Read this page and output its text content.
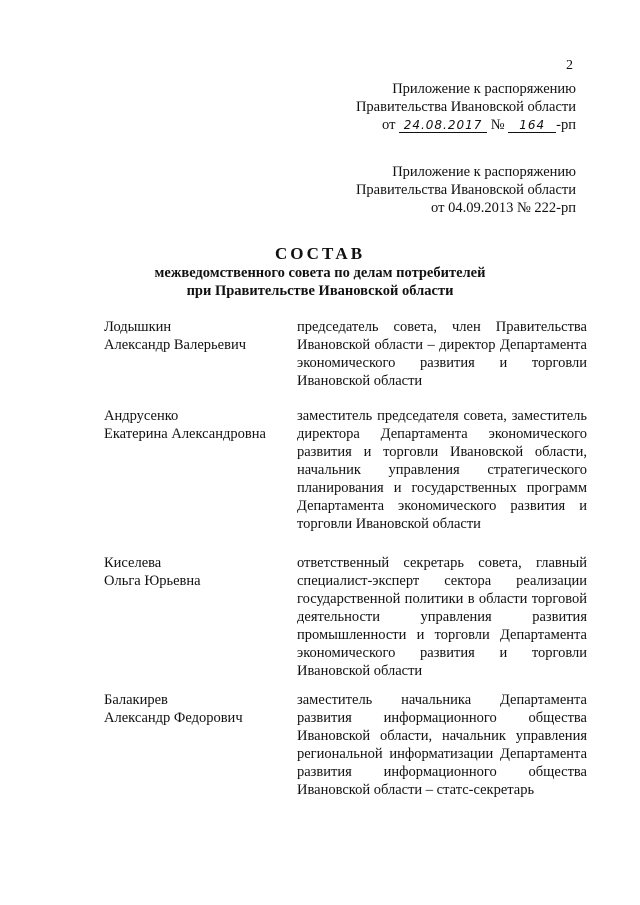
2
Приложение к распоряжению
Правительства Ивановской области
от 24.08.2017 № 164 -рп
Приложение к распоряжению
Правительства Ивановской области
от 04.09.2013 № 222-рп
СОСТАВ
межведомственного совета по делам потребителей
при Правительстве Ивановской области
Лодышкин
Александр Валерьевич
председатель совета, член Правительства Ивановской области – директор Департамента экономического развития и торговли Ивановской области
Андрусенко
Екатерина Александровна
заместитель председателя совета, заместитель директора Департамента экономического развития и торговли Ивановской области, начальник управления стратегического планирования и государственных программ Департамента экономического развития и торговли Ивановской области
Киселева
Ольга Юрьевна
ответственный секретарь совета, главный специалист-эксперт сектора реализации государственной политики в области торговой деятельности управления развития промышленности и торговли Департамента экономического развития и торговли Ивановской области
Балакирев
Александр Федорович
заместитель начальника Департамента развития информационного общества Ивановской области, начальник управления региональной информатизации Департамента развития информационного общества Ивановской области – статс-секретарь
